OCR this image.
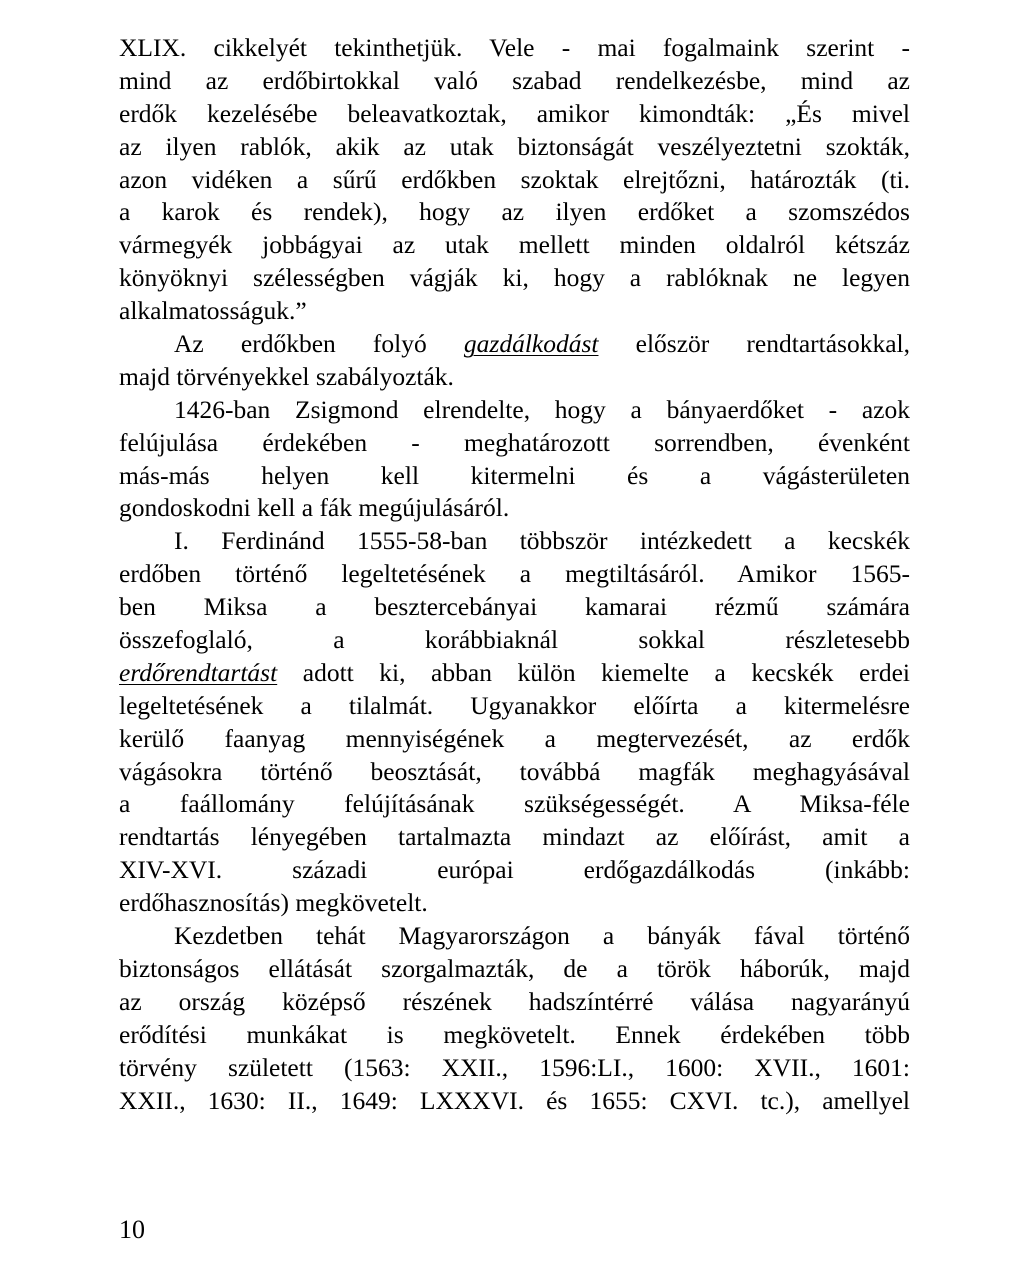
XLIX. cikkelyét tekinthetjük. Vele - mai fogalmaink szerint -
mind az erdőbirtokkal való szabad rendelkezésbe, mind az
erdők kezelésébe beleavatkoztak, amikor kimondták: „És mivel
az ilyen rablók, akik az utak biztonságát veszélyeztetni szokták,
azon vidéken a sűrű erdőkben szoktak elrejtőzni, határozták (ti.
a karok és rendek), hogy az ilyen erdőket a szomszédos
vármegyék jobbágyai az utak mellett minden oldalról kétszáz
könyöknyi szélességben vágják ki, hogy a rablóknak ne legyen
alkalmatosságuk.”
Az erdőkben folyó gazdálkodást először rendtartásokkal,
majd törvényekkel szabályozták.
1426-ban Zsigmond elrendelte, hogy a bányaerdőket - azok
felújulása érdekében - meghatározott sorrendben, évenként
más-más helyen kell kitermelni és a vágásterületen
gondoskodni kell a fák megújulásáról.
I. Ferdinánd 1555-58-ban többször intézkedett a kecskék
erdőben történő legeltetésének a megtiltásáról. Amikor 1565-
ben Miksa a besztercebányai kamarai rézmű számára
összefoglaló, a korábbiaknál sokkal részletesebb
erdőrendtartást adott ki, abban külön kiemelte a kecskék erdei
legeltetésének a tilalmát. Ugyanakkor előírta a kitermelésre
kerülő faanyag mennyiségének a megtervezését, az erdők
vágásokra történő beosztását, továbbá magfák meghagyásával
a faállomány felújításának szükségességét. A Miksa-féle
rendtartás lényegében tartalmazta mindazt az előírást, amit a
XIV-XVI. századi európai erdőgazdálkodás (inkább:
erdőhasznosítás) megkövetelt.
Kezdetben tehát Magyarországon a bányák fával történő
biztonságos ellátását szorgalmazták, de a török háborúk, majd
az ország középső részének hadszíntérré válása nagyarányú
erődítési munkákat is megkövetelt. Ennek érdekében több
törvény született (1563: XXII., 1596:LI., 1600: XVII., 1601:
XXII., 1630: II., 1649: LXXXVI. és 1655: CXVI. tc.), amellyel
10
